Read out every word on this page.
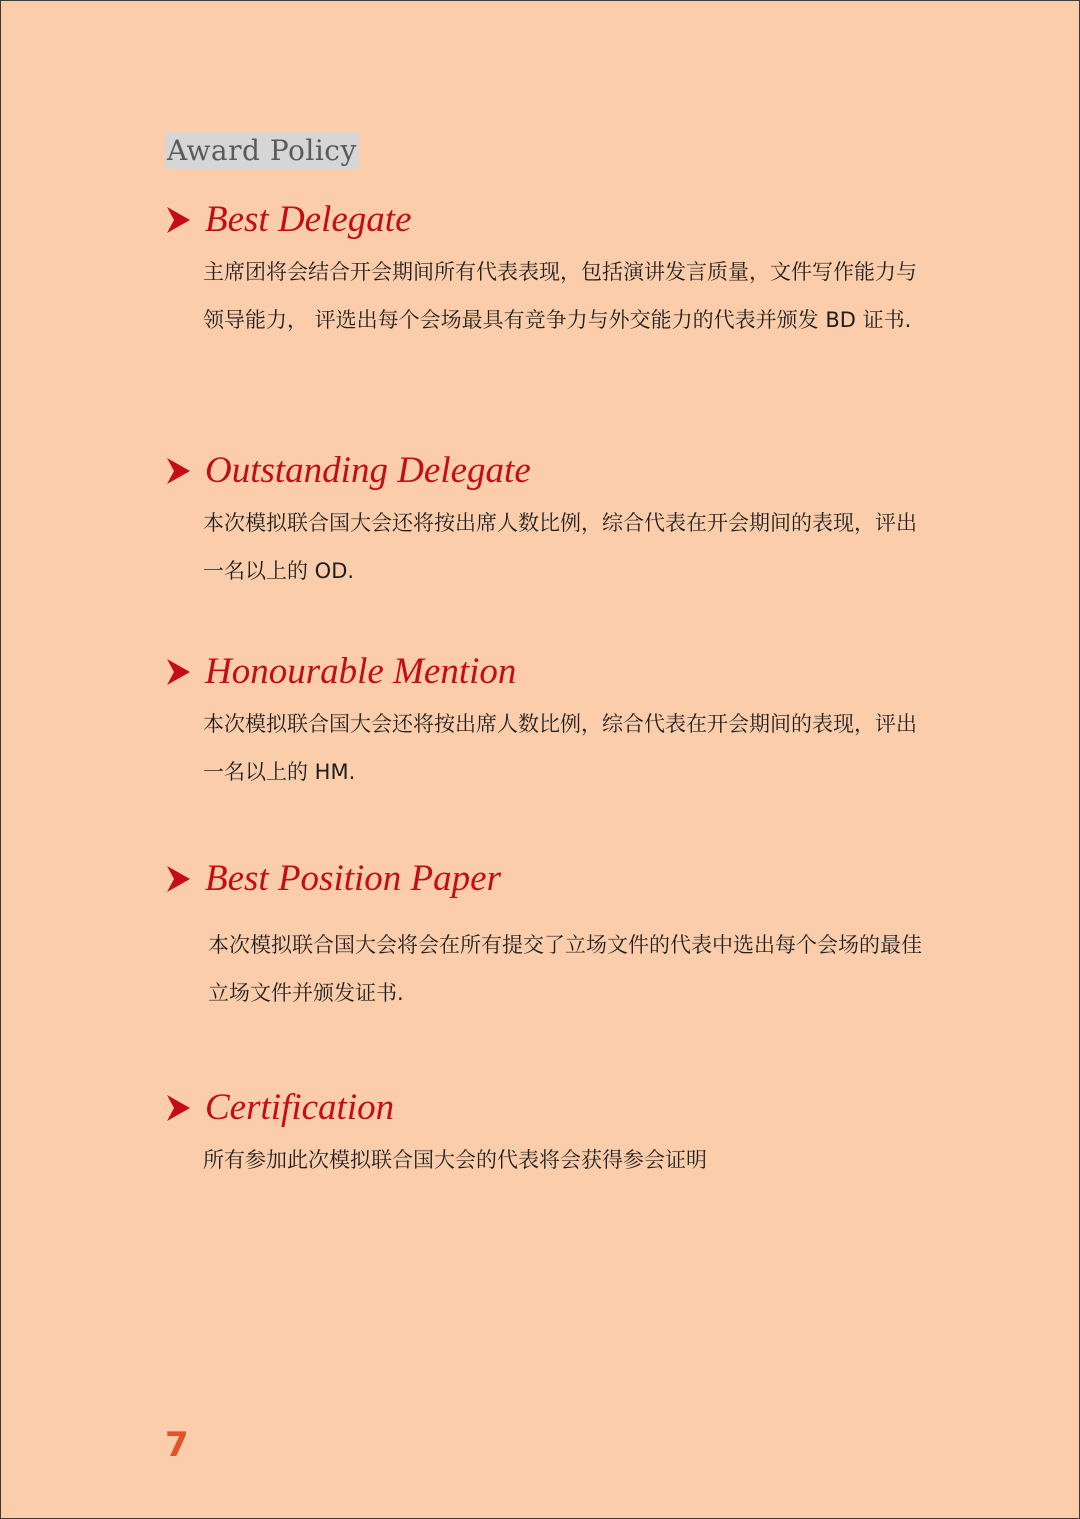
Award Policy
Best Delegate

主席团将会结合开会期间所有代表表现，包括演讲发言质量，文件写作能力与领导能力， 评选出每个会场最具有竞争力与外交能力的代表并颁发 BD 证书.

Outstanding Delegate

本次模拟联合国大会还将按出席人数比例，综合代表在开会期间的表现，评出一名以上的 OD.

Honourable Mention

本次模拟联合国大会还将按出席人数比例，综合代表在开会期间的表现，评出一名以上的 HM.

Best Position Paper

本次模拟联合国大会将会在所有提交了立场文件的代表中选出每个会场的最佳立场文件并颁发证书.

Certification

所有参加此次模拟联合国大会的代表将会获得参会证明

7
